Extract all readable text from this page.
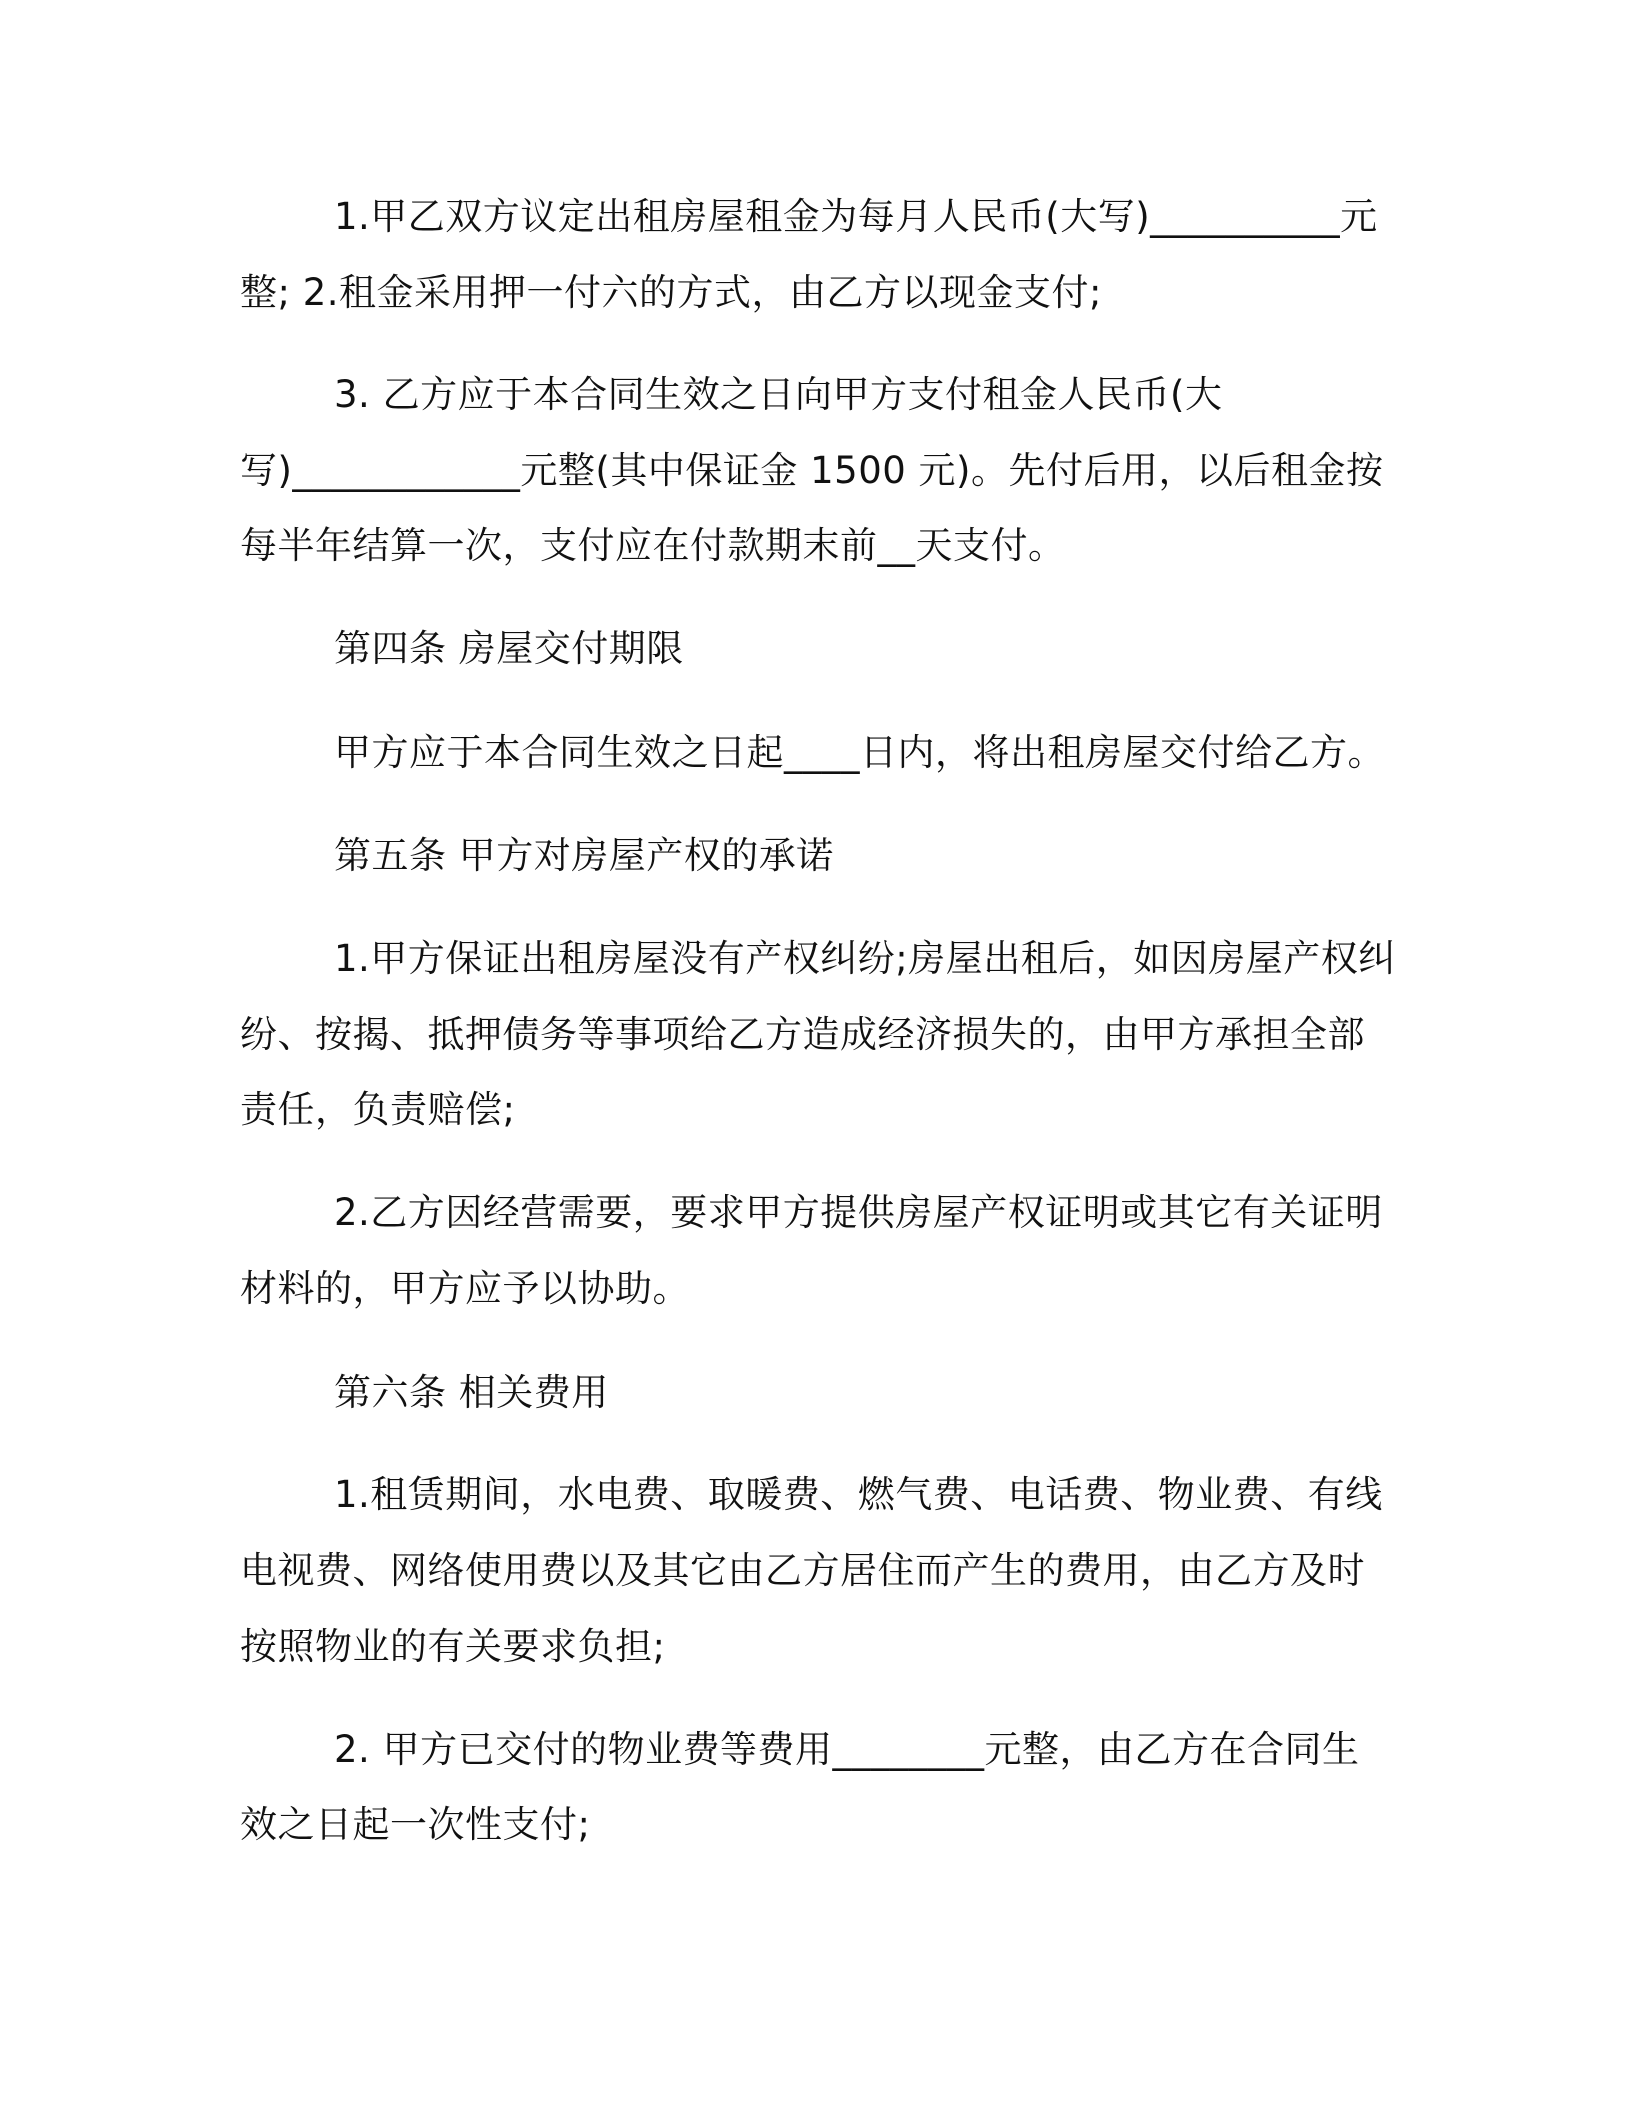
1.甲乙双方议定出租房屋租金为每月人民币(大写)__________元
整; 2.租金采用押一付六的方式，由乙方以现金支付;
3. 乙方应于本合同生效之日向甲方支付租金人民币(大
写)____________元整(其中保证金 1500 元)。先付后用，以后租金按
每半年结算一次，支付应在付款期末前__天支付。
第四条 房屋交付期限
甲方应于本合同生效之日起____日内，将出租房屋交付给乙方。
第五条 甲方对房屋产权的承诺
1.甲方保证出租房屋没有产权纠纷;房屋出租后，如因房屋产权纠
纷、按揭、抵押债务等事项给乙方造成经济损失的，由甲方承担全部
责任，负责赔偿;
2.乙方因经营需要，要求甲方提供房屋产权证明或其它有关证明
材料的，甲方应予以协助。
第六条 相关费用
1.租赁期间，水电费、取暖费、燃气费、电话费、物业费、有线
电视费、网络使用费以及其它由乙方居住而产生的费用，由乙方及时
按照物业的有关要求负担;
2. 甲方已交付的物业费等费用________元整，由乙方在合同生
效之日起一次性支付;
